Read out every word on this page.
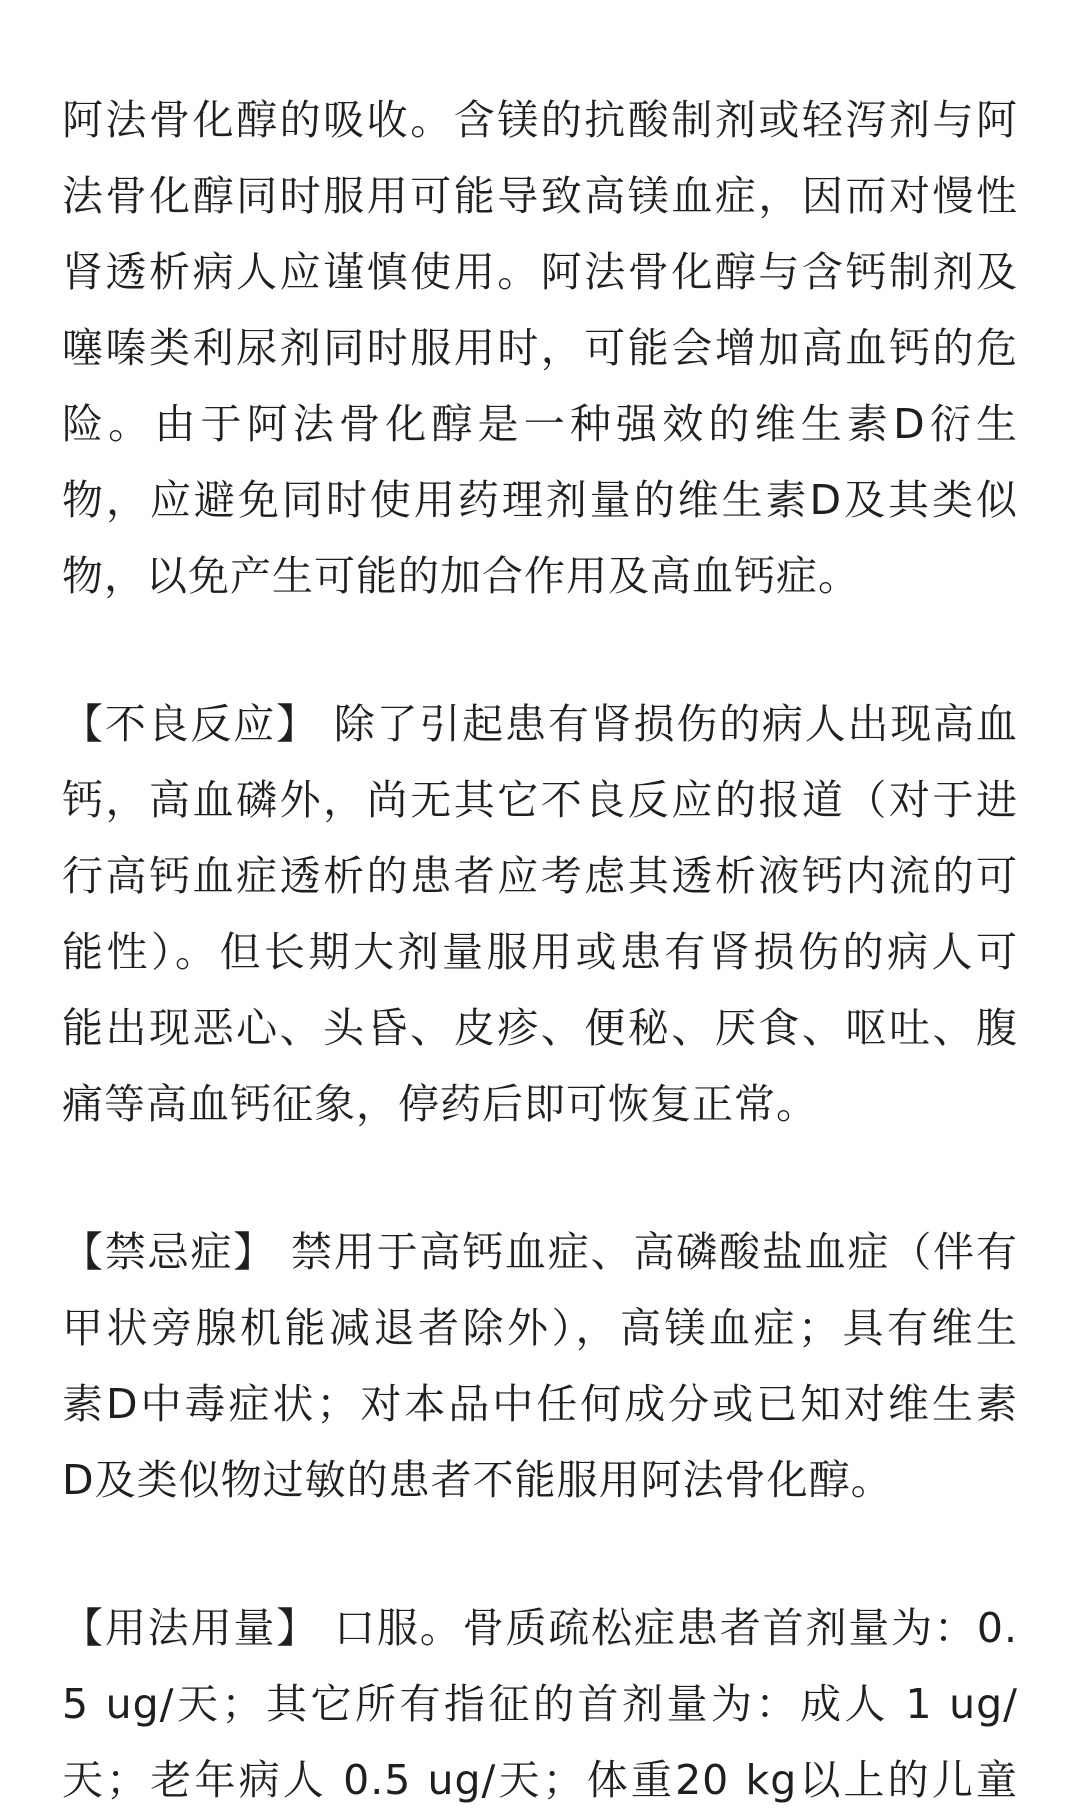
阿法骨化醇的吸收。含镁的抗酸制剂或轻泻剂与阿
法骨化醇同时服用可能导致高镁血症，因而对慢性
肾透析病人应谨慎使用。阿法骨化醇与含钙制剂及
噻嗪类利尿剂同时服用时，可能会增加高血钙的危
险。由于阿法骨化醇是一种强效的维生素D衍生
物，应避免同时使用药理剂量的维生素D及其类似
物，以免产生可能的加合作用及高血钙症。
【不良反应】 除了引起患有肾损伤的病人出现高血
钙，高血磷外，尚无其它不良反应的报道（对于进
行高钙血症透析的患者应考虑其透析液钙内流的可
能性）。但长期大剂量服用或患有肾损伤的病人可
能出现恶心、头昏、皮疹、便秘、厌食、呕吐、腹
痛等高血钙征象，停药后即可恢复正常。
【禁忌症】 禁用于高钙血症、高磷酸盐血症（伴有
甲状旁腺机能减退者除外），高镁血症；具有维生
素D中毒症状；对本品中任何成分或已知对维生素
D及类似物过敏的患者不能服用阿法骨化醇。
【用法用量】 口服。骨质疏松症患者首剂量为：0.
5 ug/天；其它所有指征的首剂量为：成人 1 ug/
天；老年病人 0.5 ug/天；体重20 kg以上的儿童
